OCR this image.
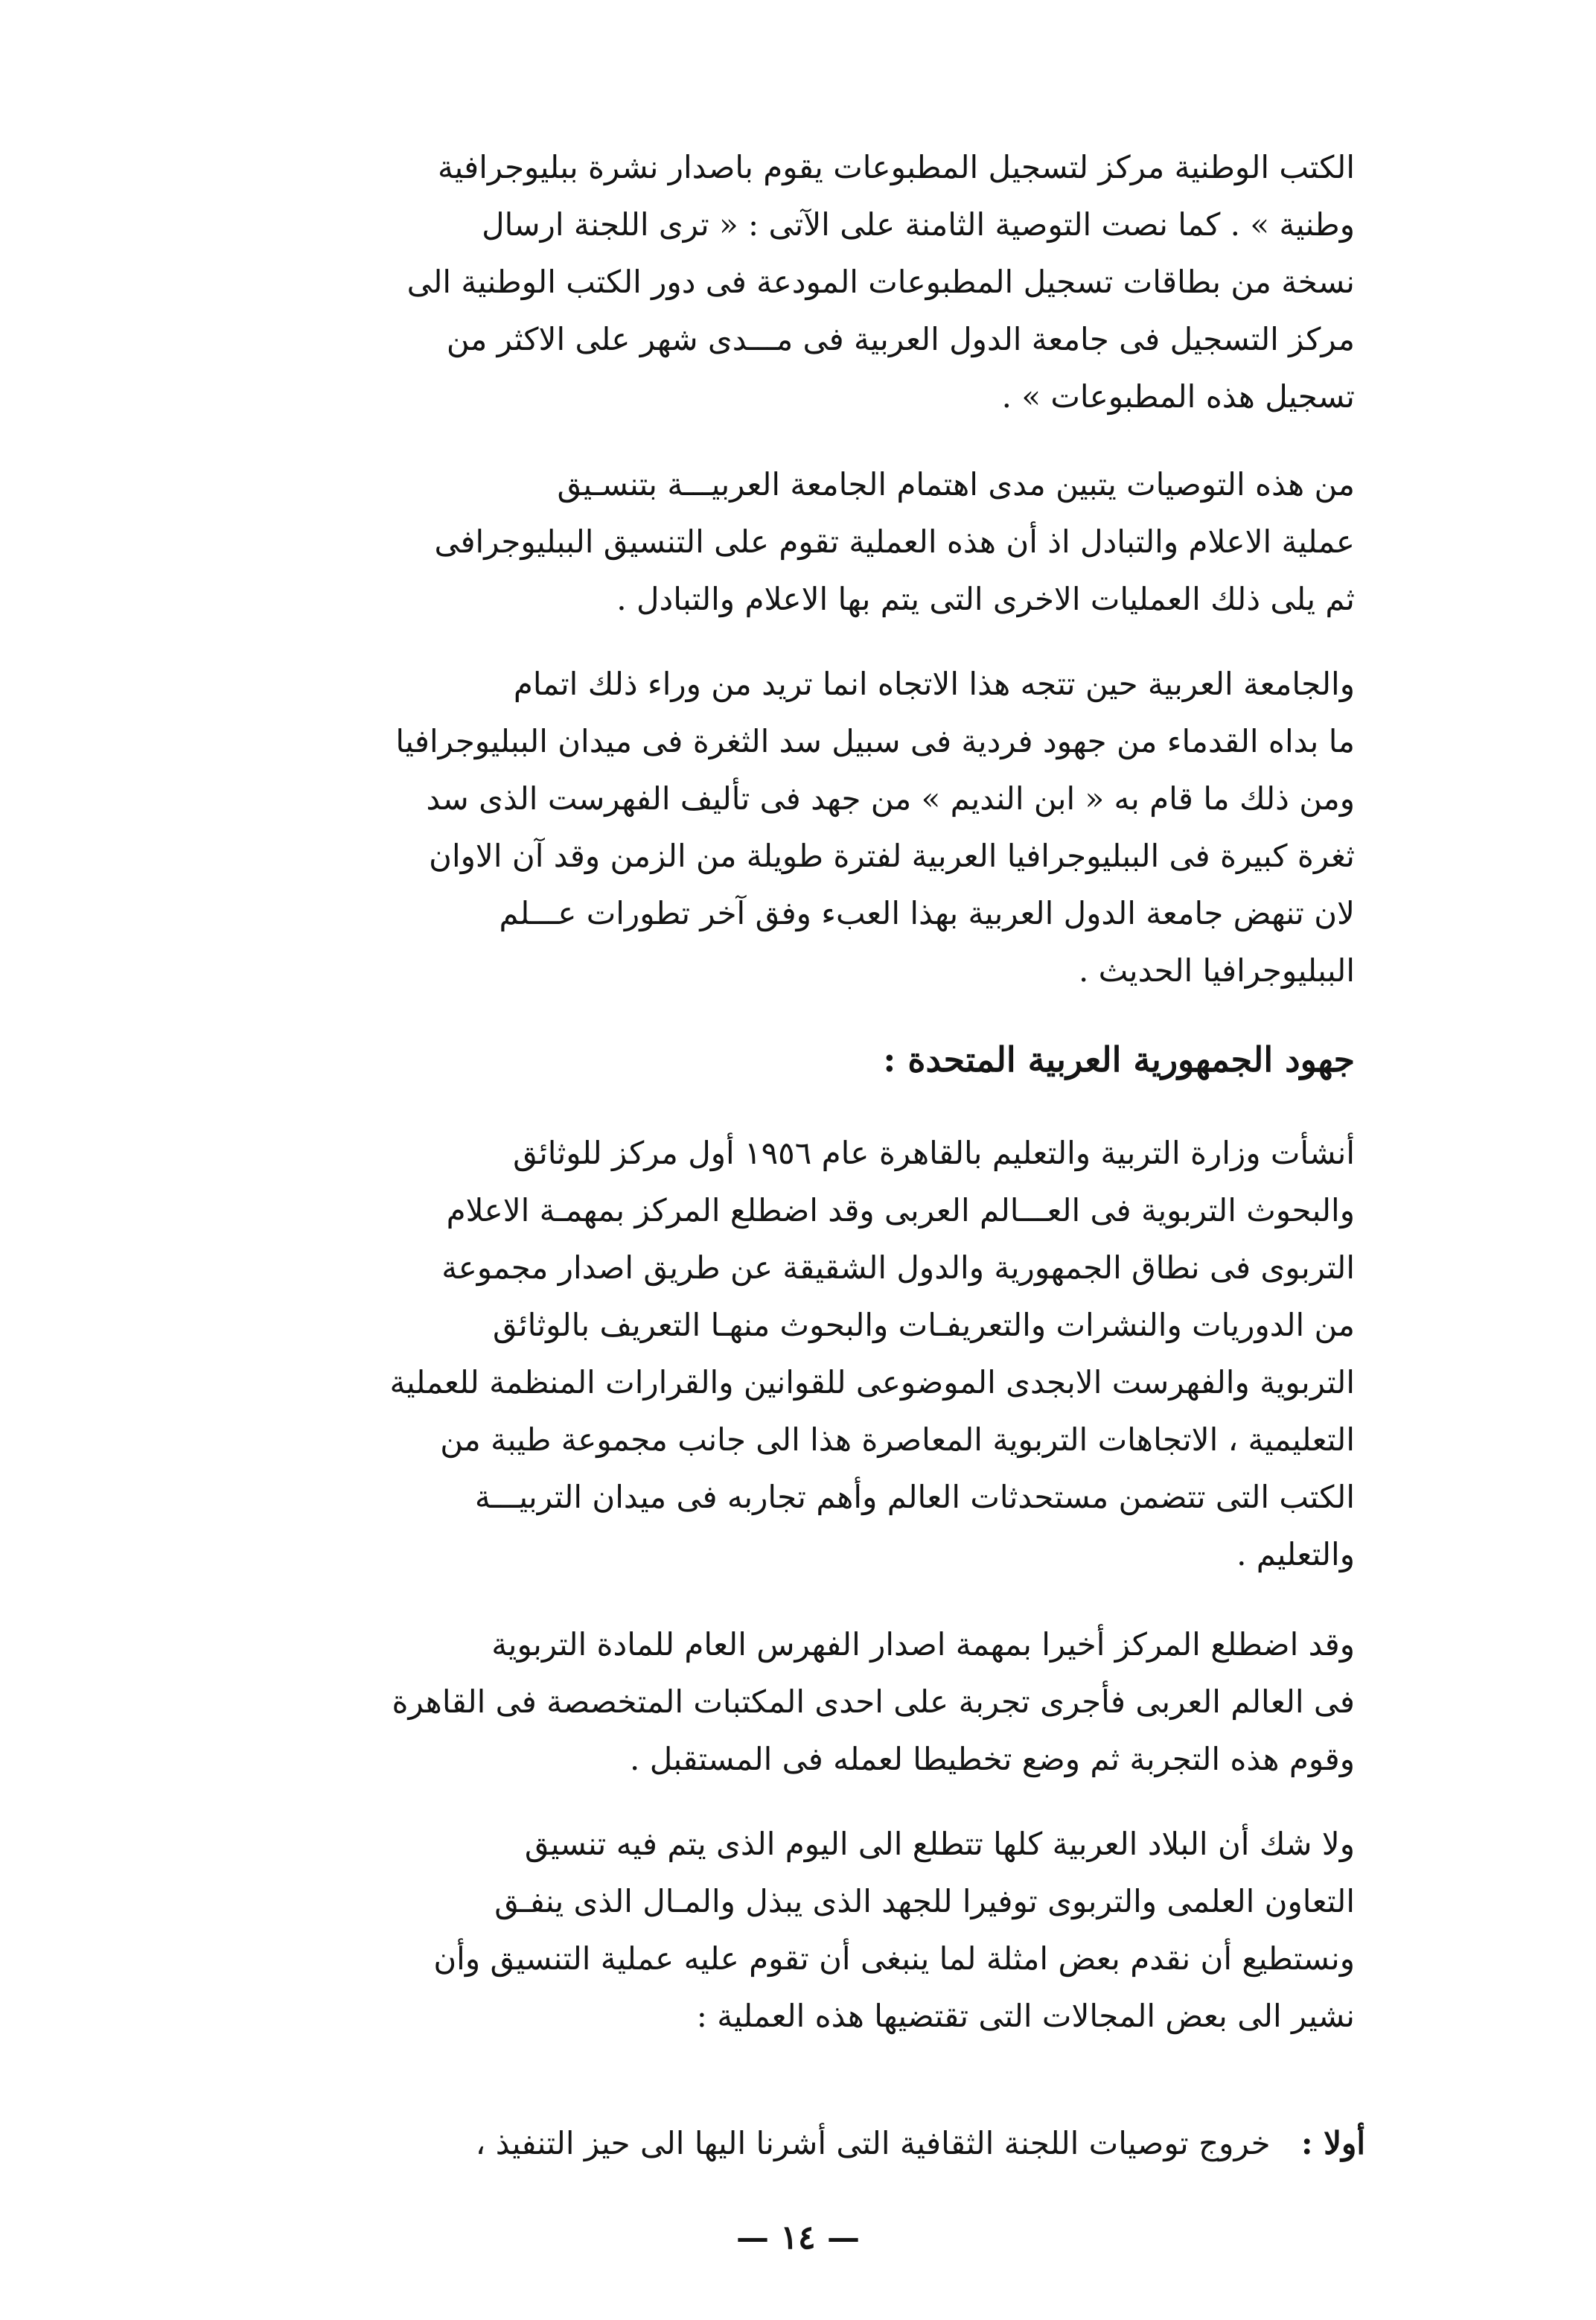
الكتب الوطنية مركز لتسجيل المطبوعات يقوم باصدار نشرة ببليوجرافية
وطنية » . كما نصت التوصية الثامنة على الآتى : « ترى اللجنة ارسال
نسخة من بطاقات تسجيل المطبوعات المودعة فى دور الكتب الوطنية الى
مركز التسجيل فى جامعة الدول العربية فى مـــدى شهر على الاكثر من
تسجيل هذه المطبوعات » .
من هذه التوصيات يتبين مدى اهتمام الجامعة العربيـــة بتنسـيق
عملية الاعلام والتبادل اذ أن هذه العملية تقوم على التنسيق الببليوجرافى
ثم يلى ذلك العمليات الاخرى التى يتم بها الاعلام والتبادل .
والجامعة العربية حين تتجه هذا الاتجاه انما تريد من وراء ذلك اتمام
ما بداه القدماء من جهود فردية فى سبيل سد الثغرة فى ميدان الببليوجرافيا
ومن ذلك ما قام به « ابن النديم » من جهد فى تأليف الفهرست الذى سد
ثغرة كبيرة فى الببليوجرافيا العربية لفترة طويلة من الزمن وقد آن الاوان
لان تنهض جامعة الدول العربية بهذا العبء وفق آخر تطورات عـــلم
الببليوجرافيا الحديث .
جهود الجمهورية العربية المتحدة :
أنشأت وزارة التربية والتعليم بالقاهرة عام ١٩٥٦ أول مركز للوثائق
والبحوث التربوية فى العـــالم العربى وقد اضطلع المركز بمهمـة الاعلام
التربوى فى نطاق الجمهورية والدول الشقيقة عن طريق اصدار مجموعة
من الدوريات والنشرات والتعريفـات والبحوث منهـا التعريف بالوثائق
التربوية والفهرست الابجدى الموضوعى للقوانين والقرارات المنظمة للعملية
التعليمية ، الاتجاهات التربوية المعاصرة هذا الى جانب مجموعة طيبة من
الكتب التى تتضمن مستحدثات العالم وأهم تجاربه فى ميدان التربيـــة
والتعليم .
وقد اضطلع المركز أخيرا بمهمة اصدار الفهرس العام للمادة التربوية
فى العالم العربى فأجرى تجربة على احدى المكتبات المتخصصة فى القاهرة
وقوم هذه التجربة ثم وضع تخطيطا لعمله فى المستقبل .
ولا شك أن البلاد العربية كلها تتطلع الى اليوم الذى يتم فيه تنسيق
التعاون العلمى والتربوى توفيرا للجهد الذى يبذل والمـال الذى ينفـق
ونستطيع أن نقدم بعض امثلة لما ينبغى أن تقوم عليه عملية التنسيق وأن
نشير الى بعض المجالات التى تقتضيها هذه العملية :
أولا : خروج توصيات اللجنة الثقافية التى أشرنا اليها الى حيز التنفيذ ،
— ١٤ —
